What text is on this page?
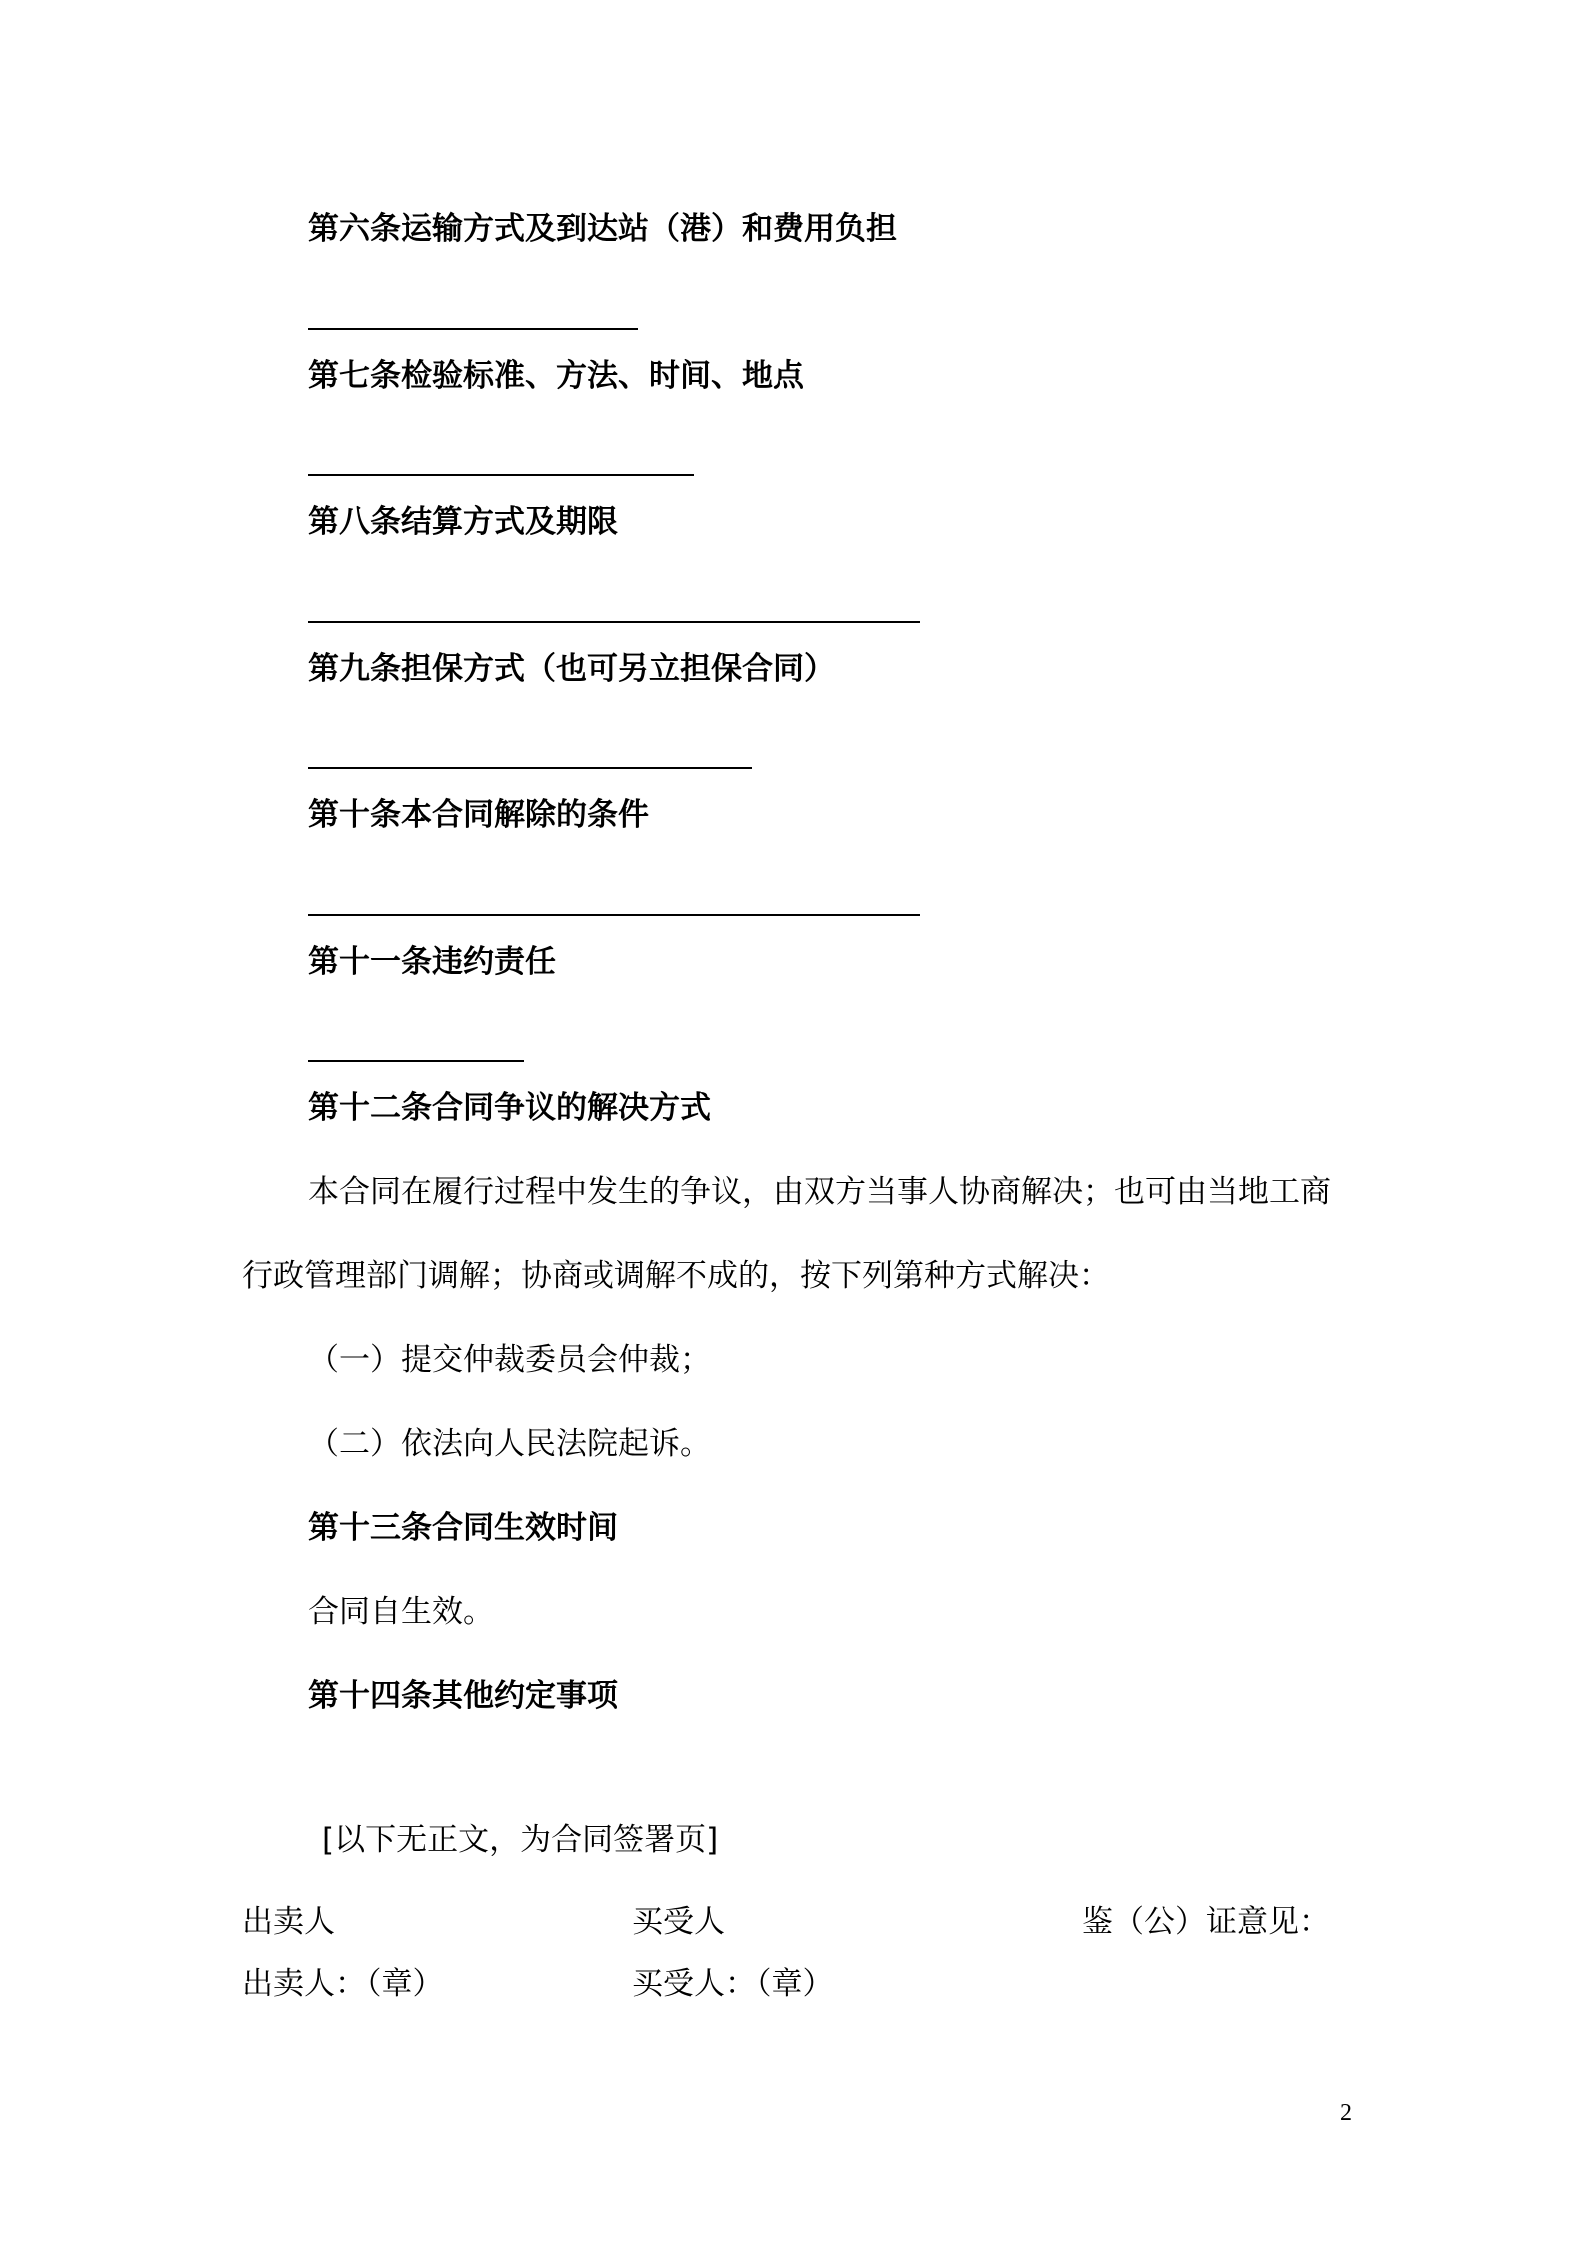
第六条运输方式及到达站（港）和费用负担
第七条检验标准、方法、时间、地点
第八条结算方式及期限
第九条担保方式（也可另立担保合同）
第十条本合同解除的条件
第十一条违约责任
第十二条合同争议的解决方式
本合同在履行过程中发生的争议，由双方当事人协商解决；也可由当地工商
行政管理部门调解；协商或调解不成的，按下列第种方式解决：
（一）提交仲裁委员会仲裁；
（二）依法向人民法院起诉。
第十三条合同生效时间
合同自生效。
第十四条其他约定事项
[以下无正文，为合同签署页]
出卖人	买受人	鉴（公）证意见：
出卖人：（章）	买受人：（章）
2
